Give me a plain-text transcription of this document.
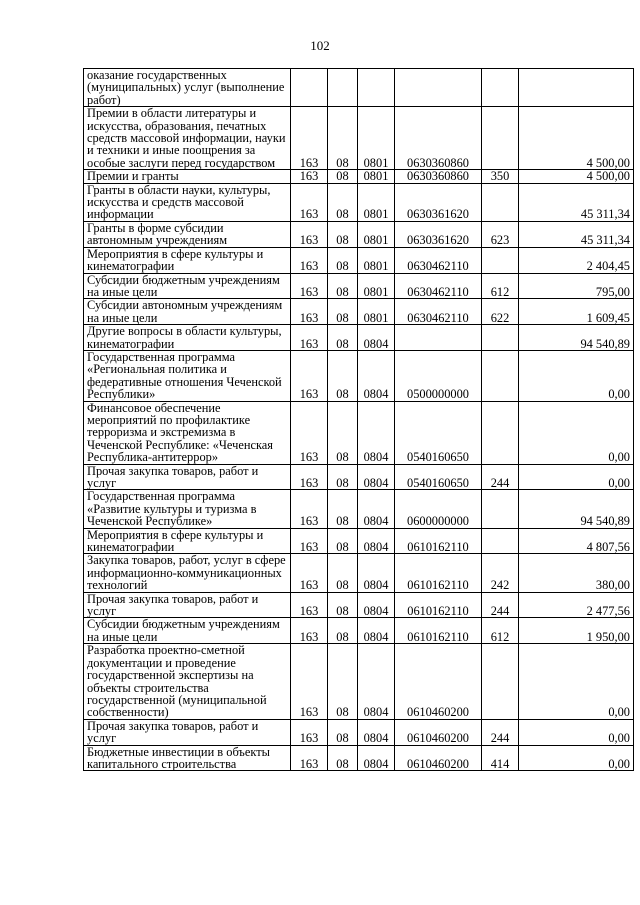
102
оказание государственных (муниципальных) услуг (выполнение работ)						
Премии в области литературы и искусства, образования, печатных средств массовой информации, науки и техники и иные поощрения за особые заслуги перед государством	163	08	0801	0630360860		4 500,00
Премии и гранты	163	08	0801	0630360860	350	4 500,00
Гранты в области науки, культуры, искусства и средств массовой информации	163	08	0801	0630361620		45 311,34
Гранты в форме субсидии автономным учреждениям	163	08	0801	0630361620	623	45 311,34
Мероприятия в сфере культуры и кинематографии	163	08	0801	0630462110		2 404,45
Субсидии бюджетным учреждениям на иные цели	163	08	0801	0630462110	612	795,00
Субсидии автономным учреждениям на иные цели	163	08	0801	0630462110	622	1 609,45
Другие вопросы в области культуры, кинематографии	163	08	0804			94 540,89
Государственная программа «Региональная политика и федеративные отношения Чеченской Республики»	163	08	0804	0500000000		0,00
Финансовое обеспечение мероприятий по профилактике терроризма и экстремизма в Чеченской Республике: «Чеченская Республика-антитеррор»	163	08	0804	0540160650		0,00
Прочая закупка товаров, работ и услуг	163	08	0804	0540160650	244	0,00
Государственная программа «Развитие культуры и туризма в Чеченской Республике»	163	08	0804	0600000000		94 540,89
Мероприятия в сфере культуры и кинематографии	163	08	0804	0610162110		4 807,56
Закупка товаров, работ, услуг в сфере информационно-коммуникационных технологий	163	08	0804	0610162110	242	380,00
Прочая закупка товаров, работ и услуг	163	08	0804	0610162110	244	2 477,56
Субсидии бюджетным учреждениям на иные цели	163	08	0804	0610162110	612	1 950,00
Разработка проектно-сметной документации и проведение государственной экспертизы на объекты строительства государственной (муниципальной собственности)	163	08	0804	0610460200		0,00
Прочая закупка товаров, работ и услуг	163	08	0804	0610460200	244	0,00
Бюджетные инвестиции в объекты капитального строительства	163	08	0804	0610460200	414	0,00
